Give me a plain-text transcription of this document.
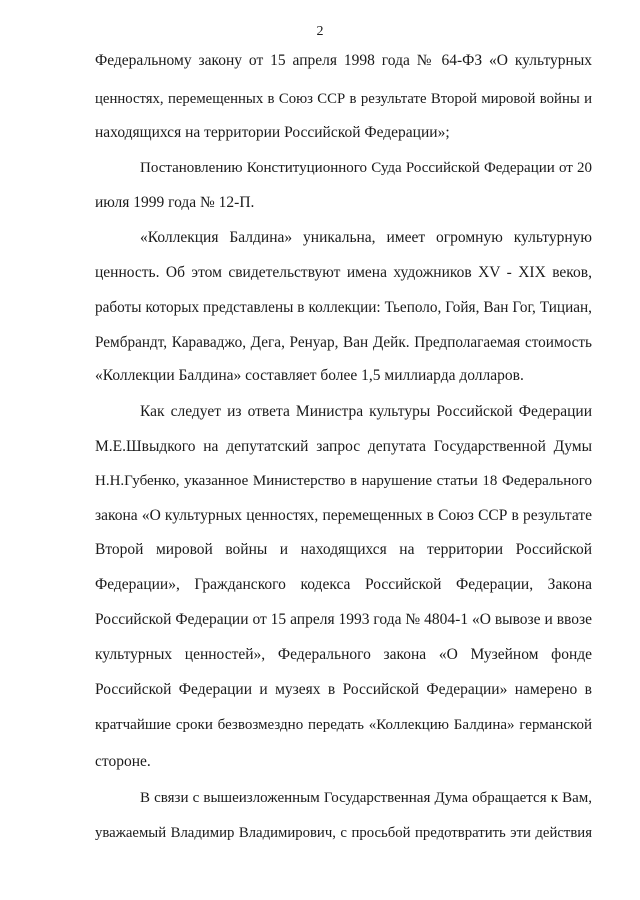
2
Федеральному закону от 15 апреля 1998 года № 64-ФЗ «О культурных
ценностях, перемещенных в Союз ССР в результате Второй мировой войны и
находящихся на территории Российской Федерации»;
Постановлению Конституционного Суда Российской Федерации от 20
июля 1999 года № 12-П.
«Коллекция Балдина» уникальна, имеет огромную культурную
ценность. Об этом свидетельствуют имена художников XV - XIX веков,
работы которых представлены в коллекции: Тьеполо, Гойя, Ван Гог, Тициан,
Рембрандт, Караваджо, Дега, Ренуар, Ван Дейк. Предполагаемая стоимость
«Коллекции Балдина» составляет более 1,5 миллиарда долларов.
Как следует из ответа Министра культуры Российской Федерации
М.Е.Швыдкого на депутатский запрос депутата Государственной Думы
Н.Н.Губенко, указанное Министерство в нарушение статьи 18 Федерального
закона «О культурных ценностях, перемещенных в Союз ССР в результате
Второй мировой войны и находящихся на территории Российской
Федерации», Гражданского кодекса Российской Федерации, Закона
Российской Федерации от 15 апреля 1993 года № 4804-1 «О вывозе и ввозе
культурных ценностей», Федерального закона «О Музейном фонде
Российской Федерации и музеях в Российской Федерации» намерено в
кратчайшие сроки безвозмездно передать «Коллекцию Балдина» германской
стороне.
В связи с вышеизложенным Государственная Дума обращается к Вам,
уважаемый Владимир Владимирович, с просьбой предотвратить эти действия
